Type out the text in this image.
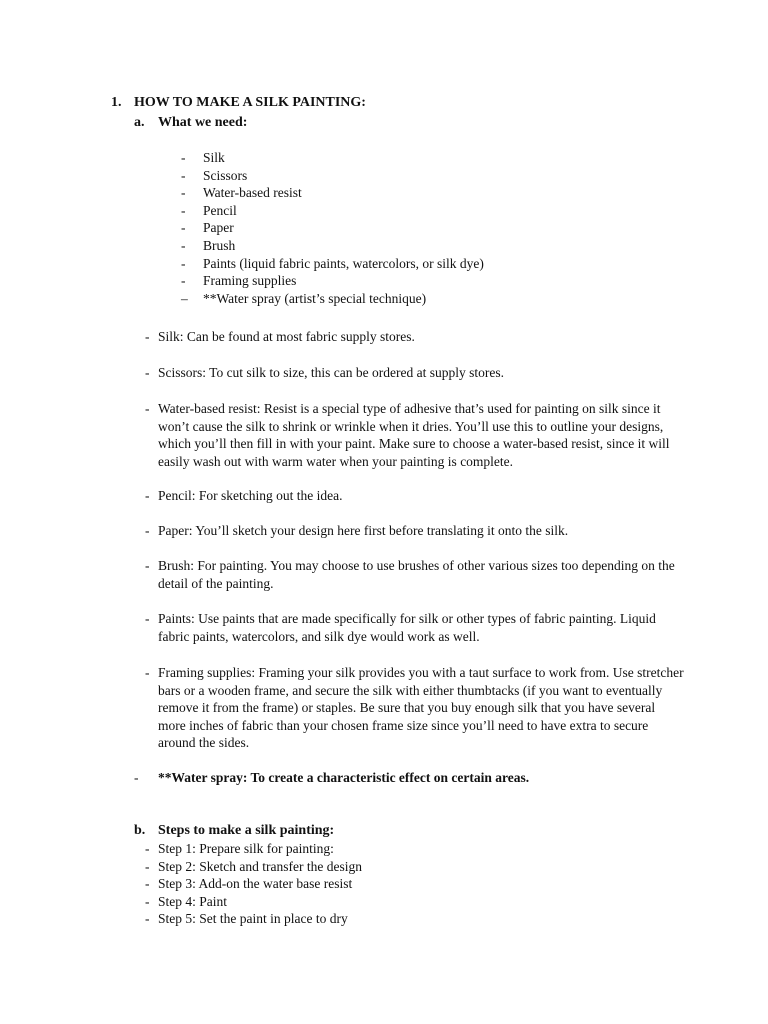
1. HOW TO MAKE A SILK PAINTING:
a. What we need:
-	Silk
-	Scissors
-	Water-based resist
-	Pencil
-	Paper
-	Brush
-	Paints (liquid fabric paints, watercolors, or silk dye)
-	Framing supplies
–	**Water spray (artist’s special technique)
- Silk: Can be found at most fabric supply stores.
- Scissors: To cut silk to size, this can be ordered at supply stores.
- Water-based resist: Resist is a special type of adhesive that’s used for painting on silk since it won’t cause the silk to shrink or wrinkle when it dries. You’ll use this to outline your designs, which you’ll then fill in with your paint. Make sure to choose a water-based resist, since it will easily wash out with warm water when your painting is complete.
- Pencil: For sketching out the idea.
- Paper: You’ll sketch your design here first before translating it onto the silk.
- Brush: For painting. You may choose to use brushes of other various sizes too depending on the detail of the painting.
- Paints: Use paints that are made specifically for silk or other types of fabric painting. Liquid fabric paints, watercolors, and silk dye would work as well.
- Framing supplies: Framing your silk provides you with a taut surface to work from. Use stretcher bars or a wooden frame, and secure the silk with either thumbtacks (if you want to eventually remove it from the frame) or staples. Be sure that you buy enough silk that you have several more inches of fabric than your chosen frame size since you’ll need to have extra to secure around the sides.
- **Water spray: To create a characteristic effect on certain areas.
b. Steps to make a silk painting:
- Step 1: Prepare silk for painting:
- Step 2: Sketch and transfer the design
- Step 3: Add-on the water base resist
- Step 4: Paint
- Step 5: Set the paint in place to dry
